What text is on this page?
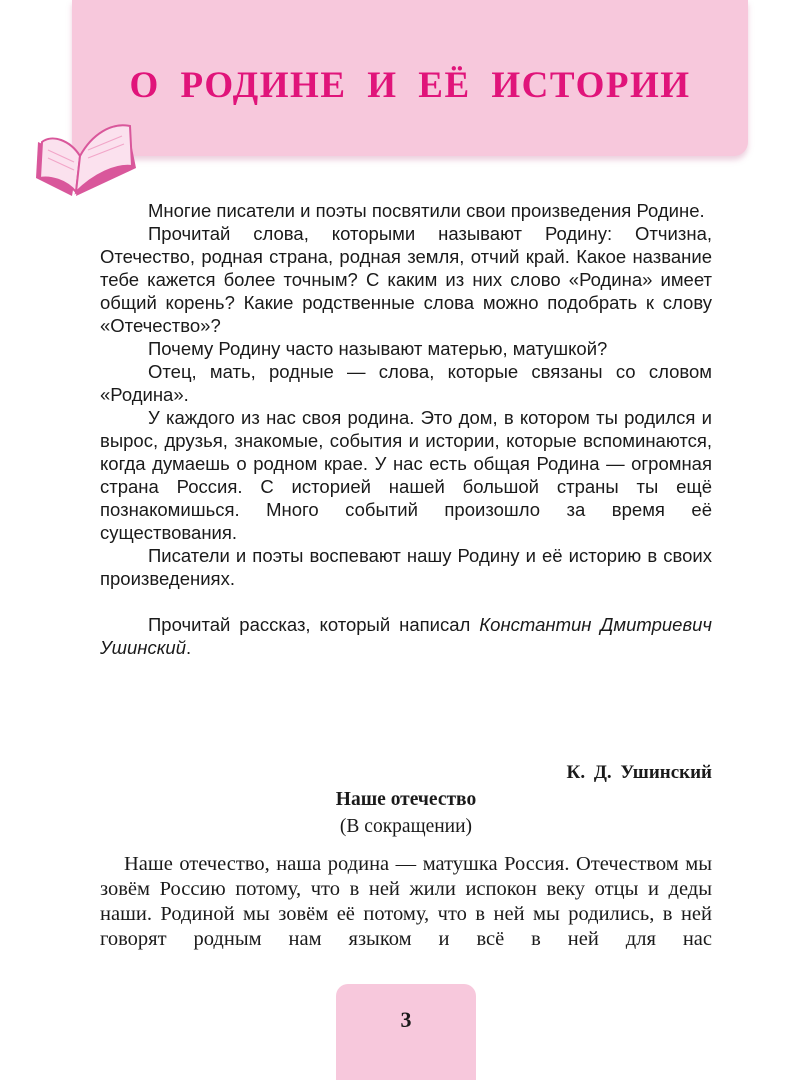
О РОДИНЕ И ЕЁ ИСТОРИИ

Многие писатели и поэты посвятили свои произведения Родине.

Прочитай слова, которыми называют Родину: Отчизна, Отечество, родная страна, родная земля, отчий край. Какое название тебе кажется более точным? С каким из них слово «Родина» имеет общий корень? Какие родственные слова можно подобрать к слову «Отечество»?

Почему Родину часто называют матерью, матушкой?

Отец, мать, родные — слова, которые связаны со словом «Родина».

У каждого из нас своя родина. Это дом, в котором ты родился и вырос, друзья, знакомые, события и истории, которые вспоминаются, когда думаешь о родном крае. У нас есть общая Родина — огромная страна Россия. С историей нашей большой страны ты ещё познакомишься. Много событий произошло за время её существования.

Писатели и поэты воспевают нашу Родину и её историю в своих произведениях.

Прочитай рассказ, который написал Константин Дмитриевич Ушинский.

К. Д. Ушинский
Наше отечество
(В сокращении)

Наше отечество, наша родина — матушка Россия. Отечеством мы зовём Россию потому, что в ней жили испокон веку отцы и деды наши. Родиной мы зовём её потому, что в ней мы родились, в ней говорят родным нам языком и всё в ней для нас

3
